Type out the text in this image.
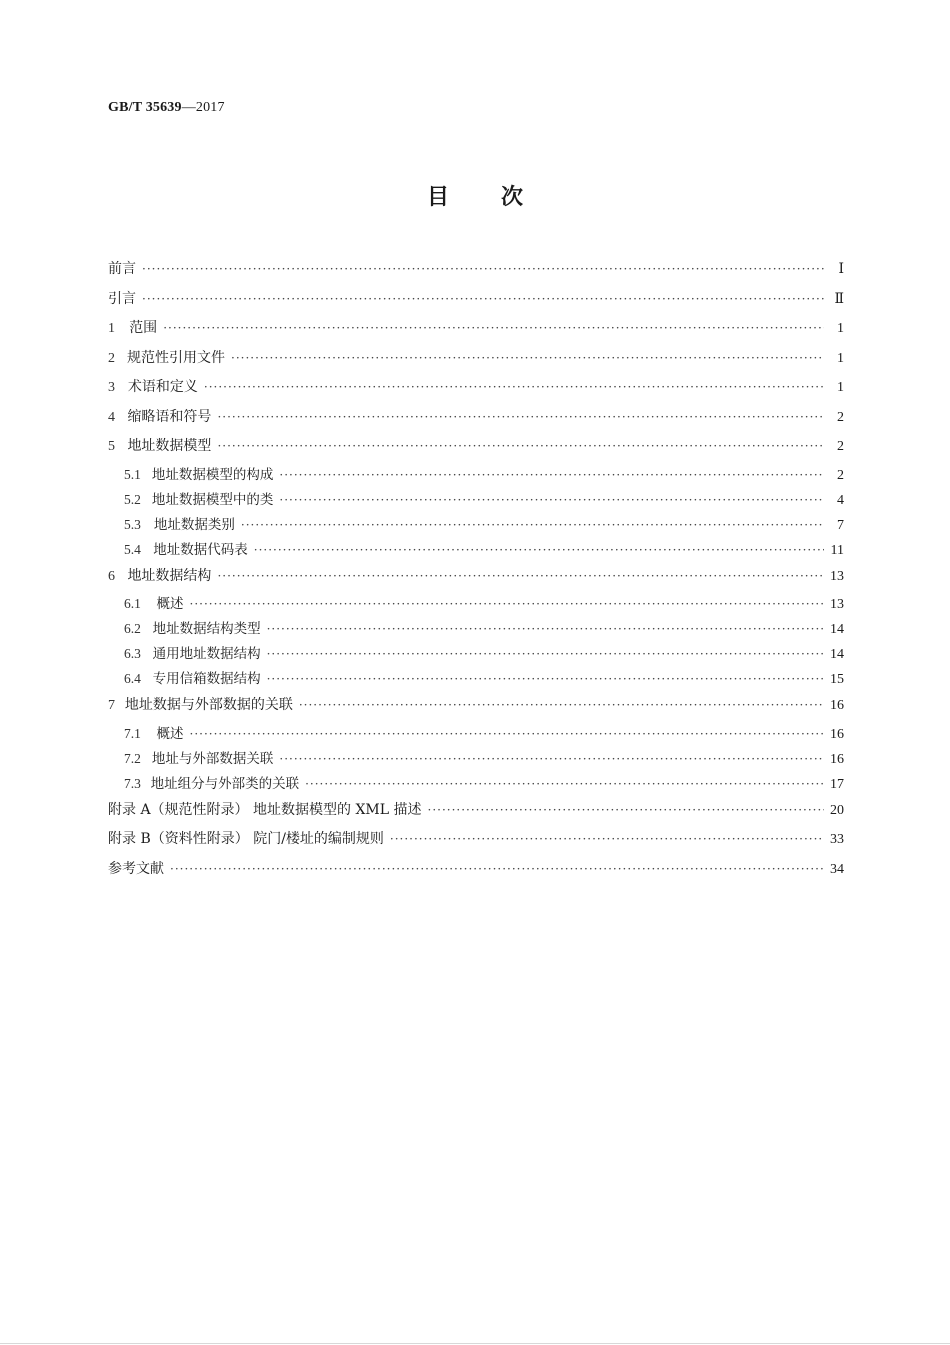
GB/T 35639—2017
目次
前言 ·····	Ⅰ
引言 ·····	Ⅱ
1	范围 ·····	1
2 规范性引用文件 ·····	1
3 术语和定义 ·····	1
4 缩略语和符号 ·····	2
5 地址数据模型 ·····	2
5.1 地址数据模型的构成 ·····	2
5.2 地址数据模型中的类 ·····	4
5.3 地址数据类别 ·····	7
5.4 地址数据代码表 ·····	11
6 地址数据结构 ·····	13
6.1	概述 ·····	13
6.2 地址数据结构类型 ·····	14
6.3 通用地址数据结构 ·····	14
6.4 专用信箱数据结构 ·····	15
7 地址数据与外部数据的关联 ·····	16
7.1	概述 ·····	16
7.2 地址与外部数据关联 ·····	16
7.3 地址组分与外部类的关联 ·····	17
附录 A（规范性附录） 地址数据模型的 XML 描述 ·····	20
附录 B（资料性附录） 院门/楼址的编制规则 ·····	33
参考文献 ·····	34
